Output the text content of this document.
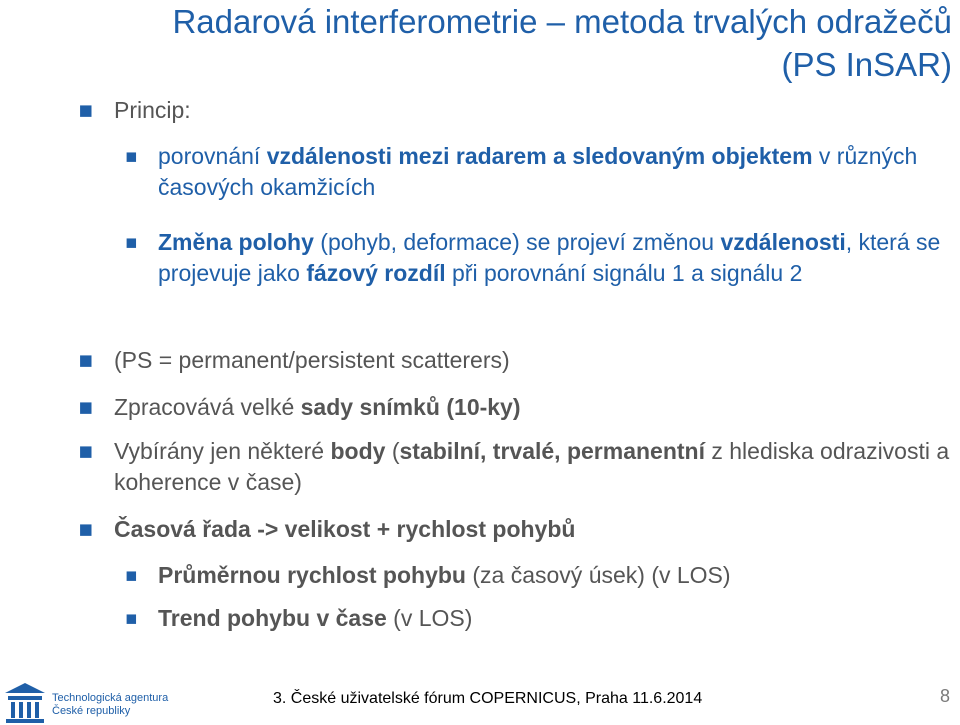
Radarová interferometrie – metoda trvalých odražečů (PS InSAR)
▪ Princip:
▪ porovnání vzdálenosti mezi radarem a sledovaným objektem v různých časových okamžicích
▪ Změna polohy (pohyb, deformace) se projeví změnou vzdálenosti, která se projevuje jako fázový rozdíl při porovnání signálu 1 a signálu 2
▪ (PS = permanent/persistent scatterers)
▪ Zpracovává velké sady snímků (10-ky)
▪ Vybírány jen některé body (stabilní, trvalé, permanentní z hlediska odrazivosti a koherence v čase)
▪ Časová řada -> velikost + rychlost pohybů
▪ Průměrnou rychlost pohybu (za časový úsek) (v LOS)
▪ Trend pohybu v čase (v LOS)
Technologická agentura
České republiky
3. České uživatelské fórum COPERNICUS, Praha 11.6.2014	8
